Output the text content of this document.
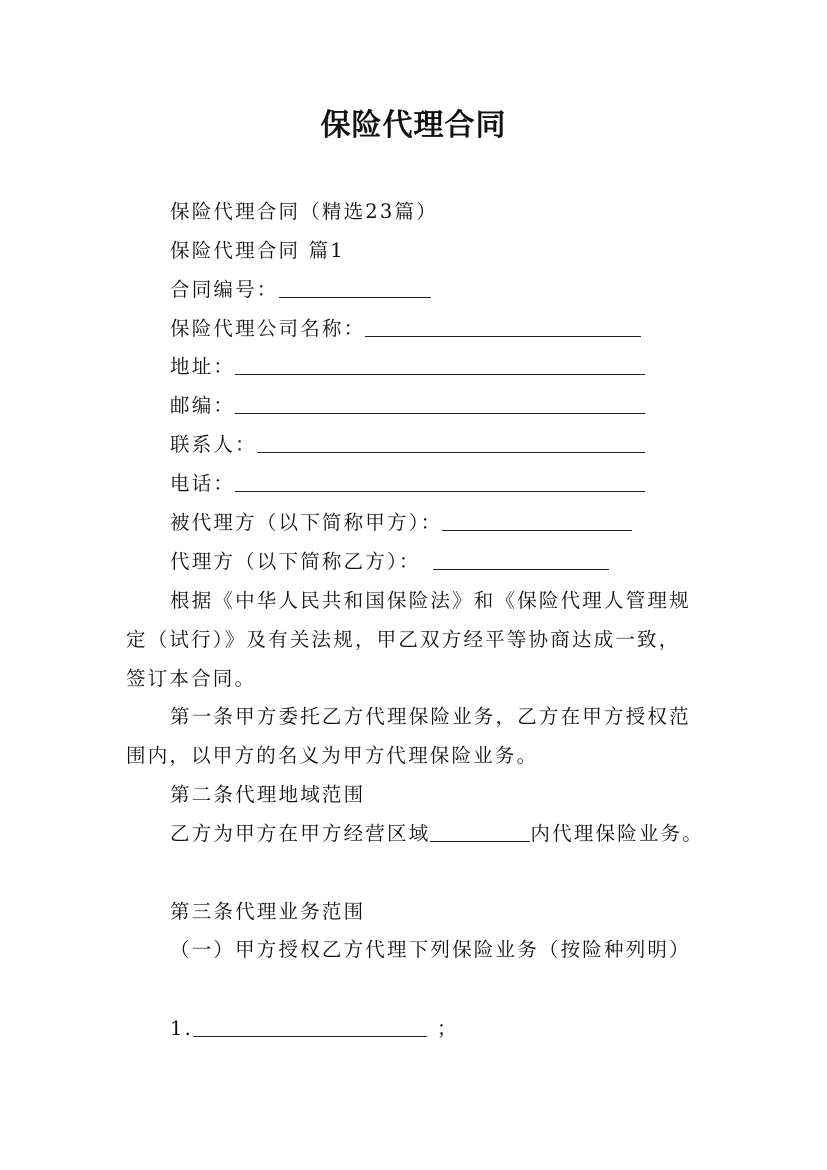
保险代理合同
保险代理合同（精选23篇）
保险代理合同 篇1
合同编号：
保险代理公司名称：
地址：
邮编：
联系人：
电话：
被代理方（以下简称甲方）：
代理方（以下简称乙方）：
根据《中华人民共和国保险法》和《保险代理人管理规
定（试行）》及有关法规，甲乙双方经平等协商达成一致，
签订本合同。
第一条甲方委托乙方代理保险业务，乙方在甲方授权范
围内，以甲方的名义为甲方代理保险业务。
第二条代理地域范围
乙方为甲方在甲方经营区域	内代理保险业务。
第三条代理业务范围
（一）甲方授权乙方代理下列保险业务（按险种列明）
1.	；
